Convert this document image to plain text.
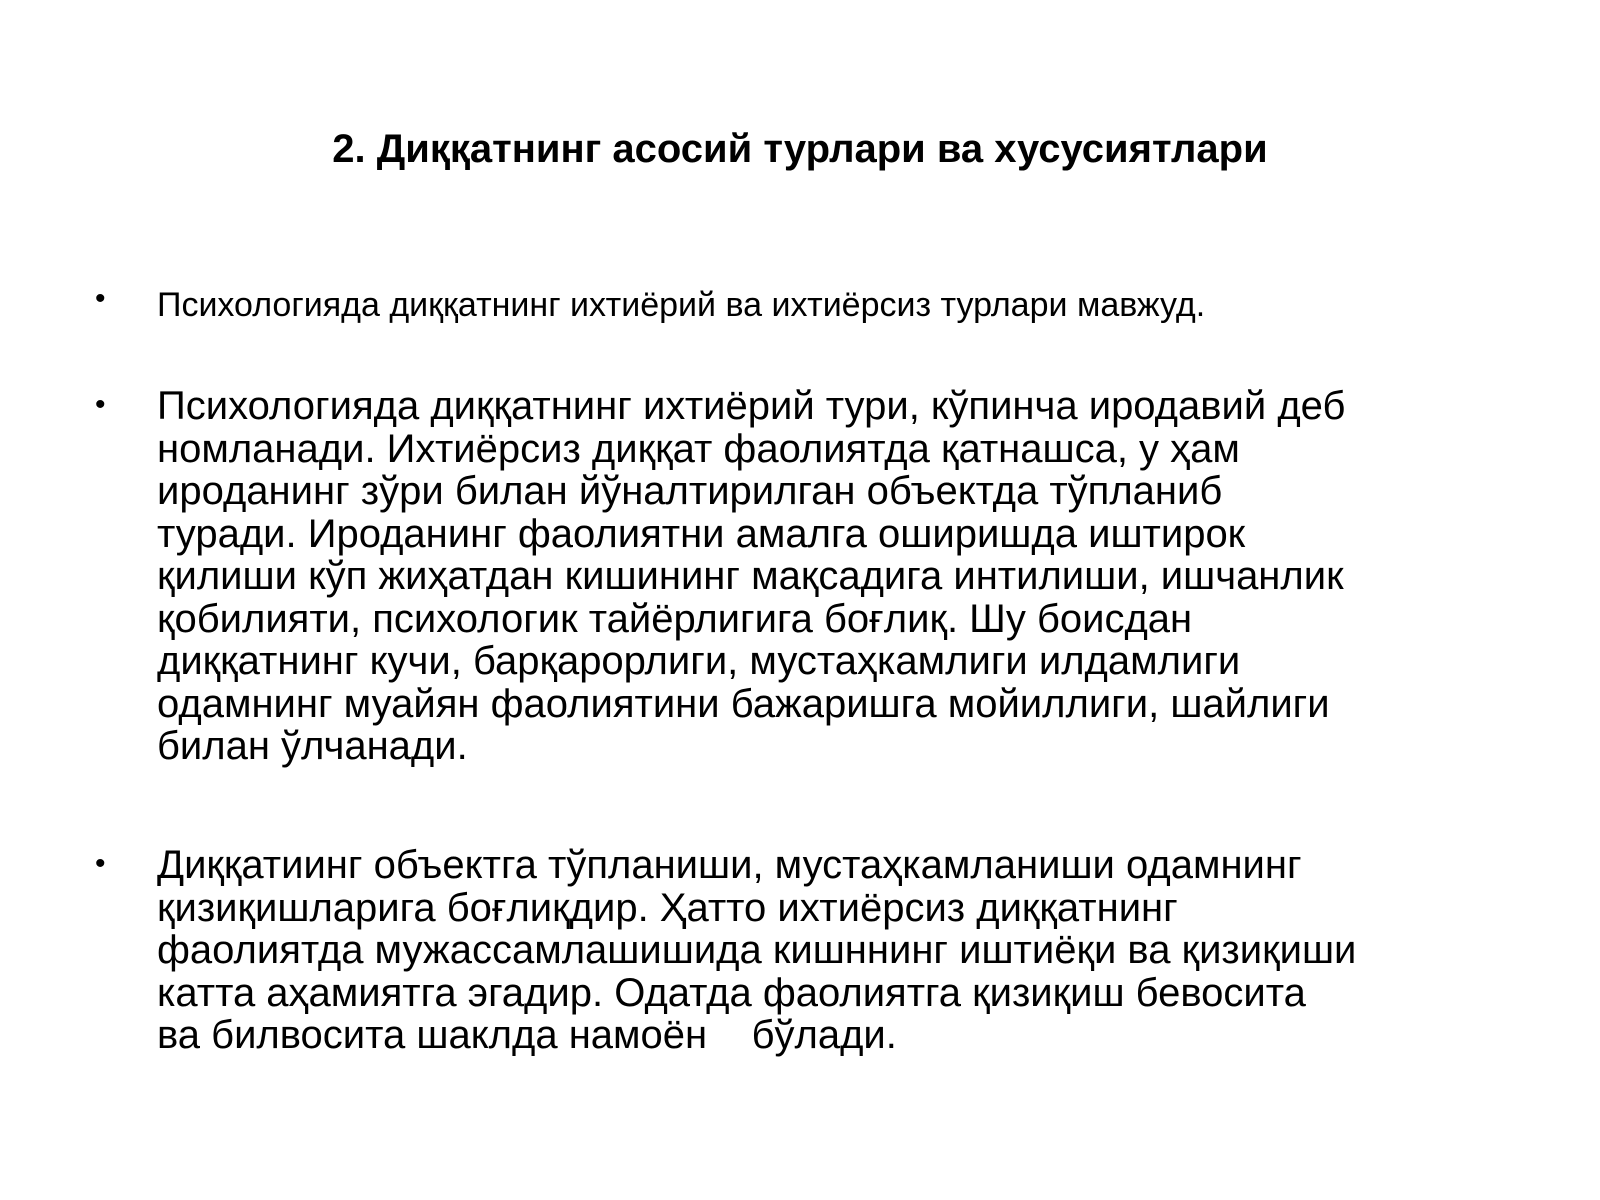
2. Диққатнинг асосий турлари ва хусусиятлари
• Психологияда диққатнинг ихтиёрий ва ихтиёрсиз турлари мавжуд.
• Психологияда диққатнинг ихтиёрий тури, кўпинча иродавий деб
номланади. Ихтиёрсиз диққат фаолиятда қатнашса, у ҳам
ироданинг зўри билан йўналтирилган объектда тўпланиб
туради. Ироданинг фаолиятни амалга оширишда иштирок
қилиши кўп жиҳатдан кишининг мақсадига интилиши, ишчанлик
қобилияти, психологик тайёрлигига боғлиқ. Шу боисдан
диққатнинг кучи, барқарорлиги, мустаҳкамлиги илдамлиги
одамнинг муайян фаолиятини бажаришга мойиллиги, шайлиги
билан ўлчанади.
• Диққатиинг объектга тўпланиши, мустаҳкамланиши одамнинг
қизиқишларига боғлиқдир. Ҳатто ихтиёрсиз диққатнинг
фаолиятда мужассамлашишида кишннинг иштиёқи ва қизиқиши
катта аҳамиятга эгадир. Одатда фаолиятга қизиқиш бевосита
ва билвосита шаклда намоён    бўлади.
